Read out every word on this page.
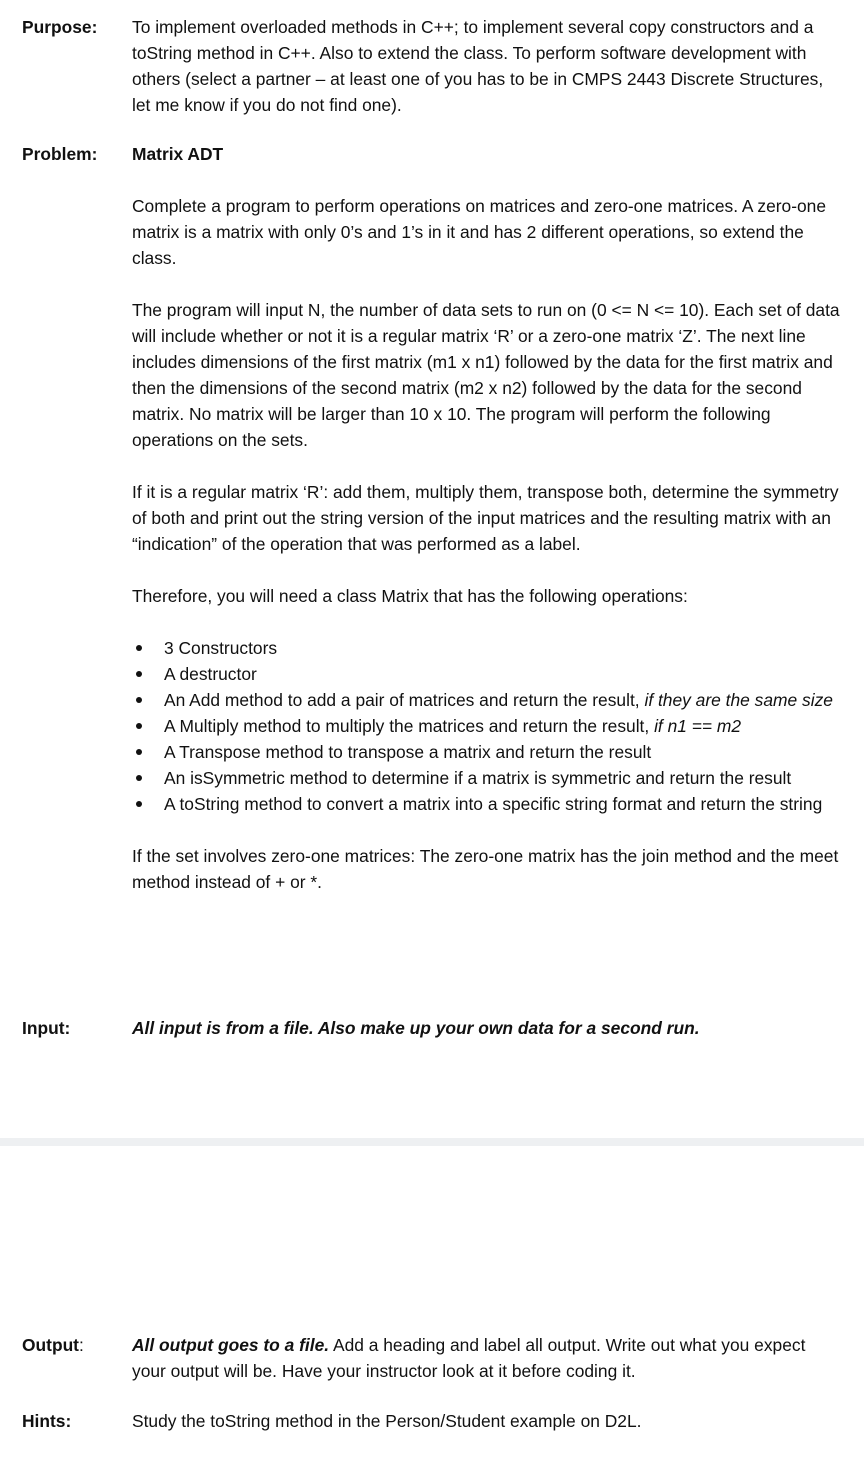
Purpose: To implement overloaded methods in C++; to implement several copy constructors and a toString method in C++. Also to extend the class. To perform software development with others (select a partner – at least one of you has to be in CMPS 2443 Discrete Structures, let me know if you do not find one).

Problem: Matrix ADT

Complete a program to perform operations on matrices and zero-one matrices. A zero-one matrix is a matrix with only 0’s and 1’s in it and has 2 different operations, so extend the class.

The program will input N, the number of data sets to run on (0 <= N <= 10). Each set of data will include whether or not it is a regular matrix ‘R’ or a zero-one matrix ‘Z’. The next line includes dimensions of the first matrix (m1 x n1) followed by the data for the first matrix and then the dimensions of the second matrix (m2 x n2) followed by the data for the second matrix. No matrix will be larger than 10 x 10. The program will perform the following operations on the sets.

If it is a regular matrix ‘R’: add them, multiply them, transpose both, determine the symmetry of both and print out the string version of the input matrices and the resulting matrix with an “indication” of the operation that was performed as a label.

Therefore, you will need a class Matrix that has the following operations:

3 Constructors
A destructor
An Add method to add a pair of matrices and return the result, if they are the same size
A Multiply method to multiply the matrices and return the result, if n1 == m2
A Transpose method to transpose a matrix and return the result
An isSymmetric method to determine if a matrix is symmetric and return the result
A toString method to convert a matrix into a specific string format and return the string

If the set involves zero-one matrices: The zero-one matrix has the join method and the meet method instead of + or *.

Input:	All input is from a file. Also make up your own data for a second run.

Output:	All output goes to a file. Add a heading and label all output. Write out what you expect your output will be. Have your instructor look at it before coding it.

Hints:	Study the toString method in the Person/Student example on D2L.
